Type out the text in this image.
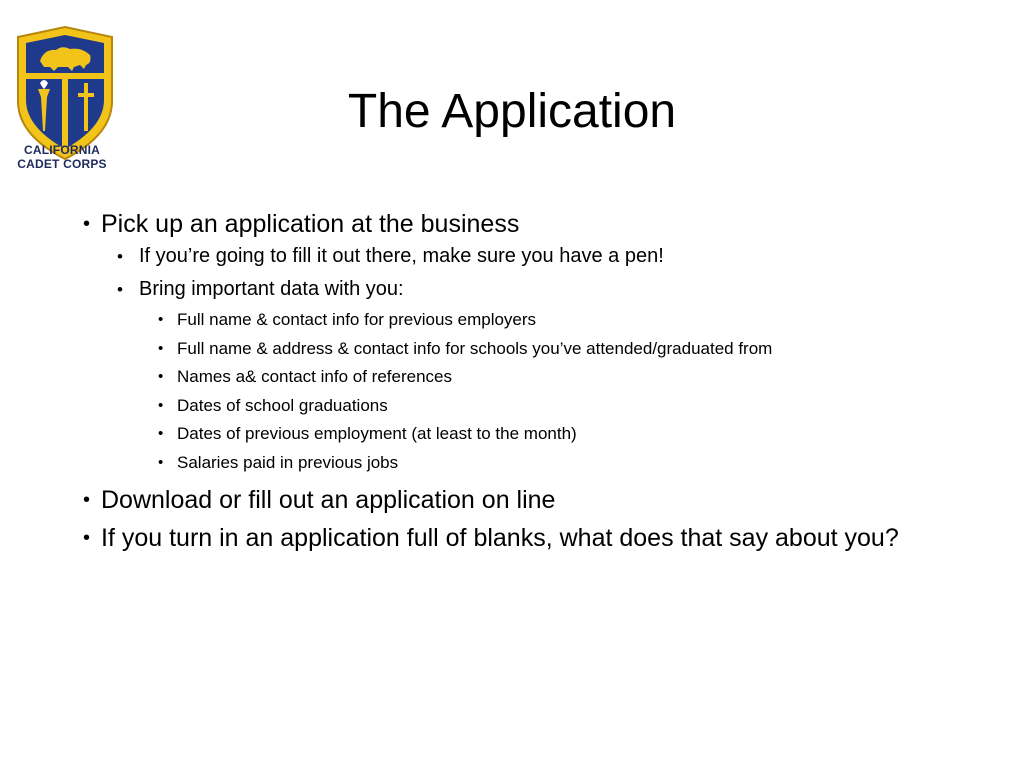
CALIFORNIA
CADET CORPS
The Application
• Pick up an application at the business
• If you’re going to fill it out there, make sure you have a pen!
• Bring important data with you:
• Full name & contact info for previous employers
• Full name & address & contact info for schools you’ve attended/graduated from
• Names a& contact info of references
• Dates of school graduations
• Dates of previous employment (at least to the month)
• Salaries paid in previous jobs
• Download or fill out an application on line
• If you turn in an application full of blanks, what does that say about you?
